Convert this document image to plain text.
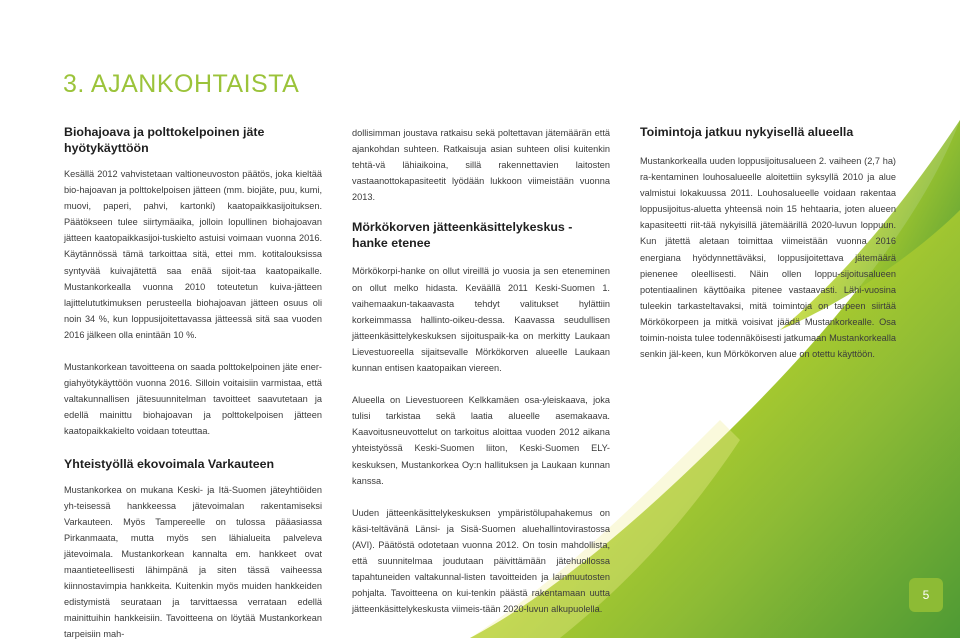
3. AJANKOHTAISTA
Biohajoava ja polttokelpoinen jäte hyötykäyttöön

Kesällä 2012 vahvistetaan valtioneuvoston päätös, joka kieltää bio-hajoavan ja polttokelpoisen jätteen (mm. biojäte, puu, kumi, muovi, paperi, pahvi, kartonki) kaatopaikkasijoituksen. Päätökseen tulee siirtymäaika, jolloin lopullinen biohajoavan jätteen kaatopaikkasijoi-tuskielto astuisi voimaan vuonna 2016. Käytännössä tämä tarkoittaa sitä, ettei mm. kotitalouksissa syntyvää kuivajätettä saa enää sijoit-taa kaatopaikalle. Mustankorkealla vuonna 2010 toteutetun kuiva-jätteen lajittelututkimuksen perusteella biohajoavan jätteen osuus oli noin 34 %, kun loppusijoitettavassa jätteessä sitä saa vuoden 2016 jälkeen olla enintään 10 %.

Mustankorkean tavoitteena on saada polttokelpoinen jäte ener-giahyötykäyttöön vuonna 2016. Silloin voitaisiin varmistaa, että valtakunnallisen jätesuunnitelman tavoitteet saavutetaan ja edellä mainittu biohajoavan ja polttokelpoisen jätteen kaatopaikkakielto voidaan toteuttaa.

Yhteistyöllä ekovoimala Varkauteen

Mustankorkea on mukana Keski- ja Itä-Suomen jäteyhtiöiden yh-teisessä hankkeessa jätevoimalan rakentamiseksi Varkauteen. Myös Tampereelle on tulossa pääasiassa Pirkanmaata, mutta myös sen lähialueita palveleva jätevoimala. Mustankorkean kannalta em. hankkeet ovat maantieteellisesti lähimpänä ja siten tässä vaiheessa kiinnostavimpia hankkeita. Kuitenkin myös muiden hankkeiden edistymistä seurataan ja tarvittaessa verrataan edellä mainittuihin hankkeisiin. Tavoitteena on löytää Mustankorkean tarpeisiin mah-

dollisimman joustava ratkaisu sekä poltettavan jätemäärän että ajankohdan suhteen. Ratkaisuja asian suhteen olisi kuitenkin tehtä-vä lähiaikoina, sillä rakennettavien laitosten vastaanottokapasiteetit lyödään lukkoon viimeistään vuonna 2013.

Mörkökorven jätteenkäsittelykeskus - hanke etenee

Mörkökorpi-hanke on ollut vireillä jo vuosia ja sen eteneminen on ollut melko hidasta. Keväällä 2011 Keski-Suomen 1. vaihemaakun-takaavasta tehdyt valitukset hylättiin korkeimmassa hallinto-oikeu-dessa. Kaavassa seudullisen jätteenkäsittelykeskuksen sijoituspaik-ka on merkitty Laukaan Lievestuoreella sijaitsevalle Mörkökorven alueelle Laukaan kunnan entisen kaatopaikan viereen.

Alueella on Lievestuoreen Kelkkamäen osa-yleiskaava, joka tulisi tarkistaa sekä laatia alueelle asemakaava. Kaavoitusneuvottelut on tarkoitus aloittaa vuoden 2012 aikana yhteistyössä Keski-Suomen liiton, Keski-Suomen ELY-keskuksen, Mustankorkea Oy:n hallituksen ja Laukaan kunnan kanssa.

Uuden jätteenkäsittelykeskuksen ympäristölupahakemus on käsi-teltävänä Länsi- ja Sisä-Suomen aluehallintovirastossa (AVI). Päätöstä odotetaan vuonna 2012. On tosin mahdollista, että suunnitelmaa joudutaan päivittämään jätehuollossa tapahtuneiden valtakunnal-listen tavoitteiden ja lainmuutosten pohjalta. Tavoitteena on kui-tenkin päästä rakentamaan uutta jätteenkäsittelykeskusta viimeis-tään 2020-luvun alkupuolella.

Toimintoja jatkuu nykyisellä alueella

Mustankorkealla uuden loppusijoitusalueen 2. vaiheen (2,7 ha) ra-kentaminen louhosalueelle aloitettiin syksyllä 2010 ja alue valmistui lokakuussa 2011. Louhosalueelle voidaan rakentaa loppusijoitus-aluetta yhteensä noin 15 hehtaaria, joten alueen kapasiteetti riit-tää nykyisillä jätemäärillä 2020-luvun loppuun. Kun jätettä aletaan toimittaa viimeistään vuonna 2016 energiana hyödynnettäväksi, loppusijoitettava jätemäärä pienenee oleellisesti. Näin ollen loppu-sijoitusalueen potentiaalinen käyttöaika pitenee vastaavasti. Lähi-vuosina tuleekin tarkasteltavaksi, mitä toimintoja on tarpeen siirtää Mörkökorpeen ja mitkä voisivat jäädä Mustankorkealle. Osa toimin-noista tulee todennäköisesti jatkumaan Mustankorkealla senkin jäl-keen, kun Mörkökorven alue on otettu käyttöön.

5
